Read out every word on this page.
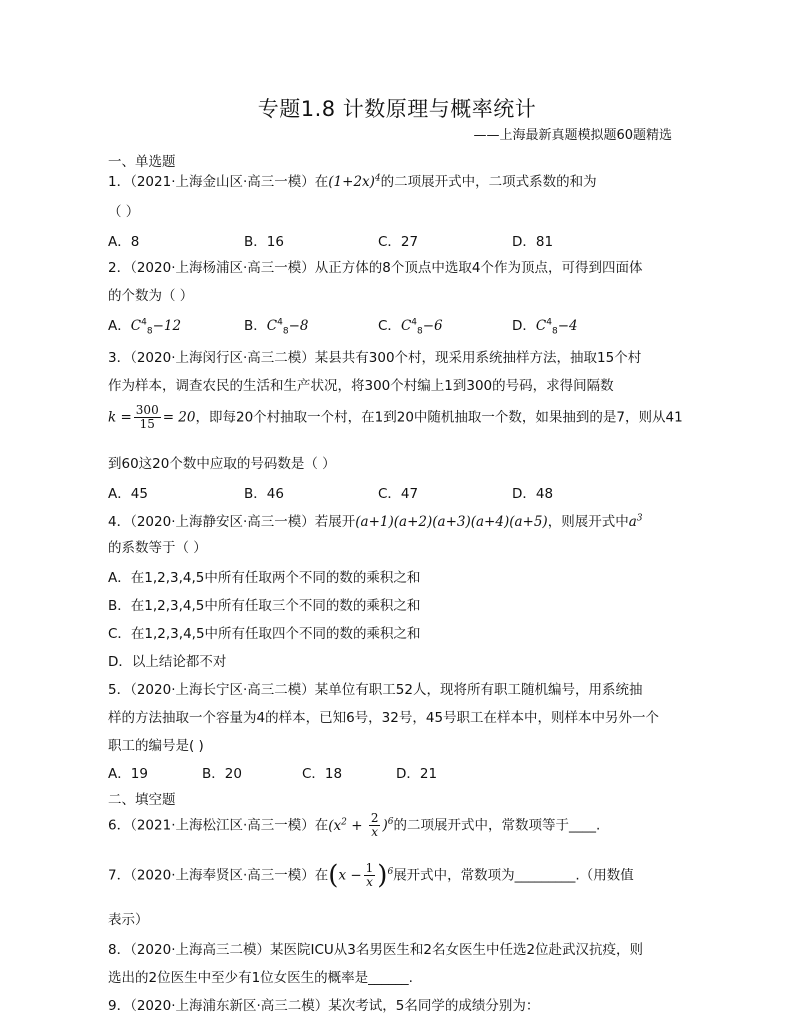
专题1.8 计数原理与概率统计
——上海最新真题模拟题60题精选
一、单选题
1．（2021·上海金山区·高三一模）在$(1+2x)^4$的二项展开式中，二项式系数的和为
（ ）
A．8	B．16	C．27	D．81
2．（2020·上海杨浦区·高三一模）从正方体的8个顶点中选取4个作为顶点，可得到四面体
的个数为（ ）
A．$C^4_8-12$	B．$C^4_8-8$	C．$C^4_8-6$	D．$C^4_8-4$
3．（2020·上海闵行区·高三二模）某县共有300个村，现采用系统抽样方法，抽取15个村
作为样本，调查农民的生活和生产状况，将300个村编上1到300的号码，求得间隔数
$k = \frac{300}{15} = 20$，即每20个村抽取一个村，在1到20中随机抽取一个数，如果抽到的是7，则从41
到60这20个数中应取的号码数是（ ）
A．45	B．46	C．47	D．48
4．（2020·上海静安区·高三一模）若展开(a+1)(a+2)(a+3)(a+4)(a+5)，则展开式中$a^3$
的系数等于（ ）
A．在1,2,3,4,5中所有任取两个不同的数的乘积之和
B．在1,2,3,4,5中所有任取三个不同的数的乘积之和
C．在1,2,3,4,5中所有任取四个不同的数的乘积之和
D．以上结论都不对
5．（2020·上海长宁区·高三二模）某单位有职工52人，现将所有职工随机编号，用系统抽
样的方法抽取一个容量为4的样本，已知6号，32号，45号职工在样本中，则样本中另外一个
职工的编号是( )
A．19	B．20	C．18	D．21
二、填空题
6．（2021·上海松江区·高三一模）在$(x^2 + \frac{2}{x} )^6$的二项展开式中，常数项等于____.
7．（2020·上海奉贤区·高三一模）在$(x - \frac{1}{x} )^6$展开式中，常数项为_________.（用数值
表示）
8．（2020·上海高三二模）某医院ICU从3名男医生和2名女医生中任选2位赴武汉抗疫，则
选出的2位医生中至少有1位女医生的概率是______.
9．（2020·上海浦东新区·高三二模）某次考试，5名同学的成绩分别为：
